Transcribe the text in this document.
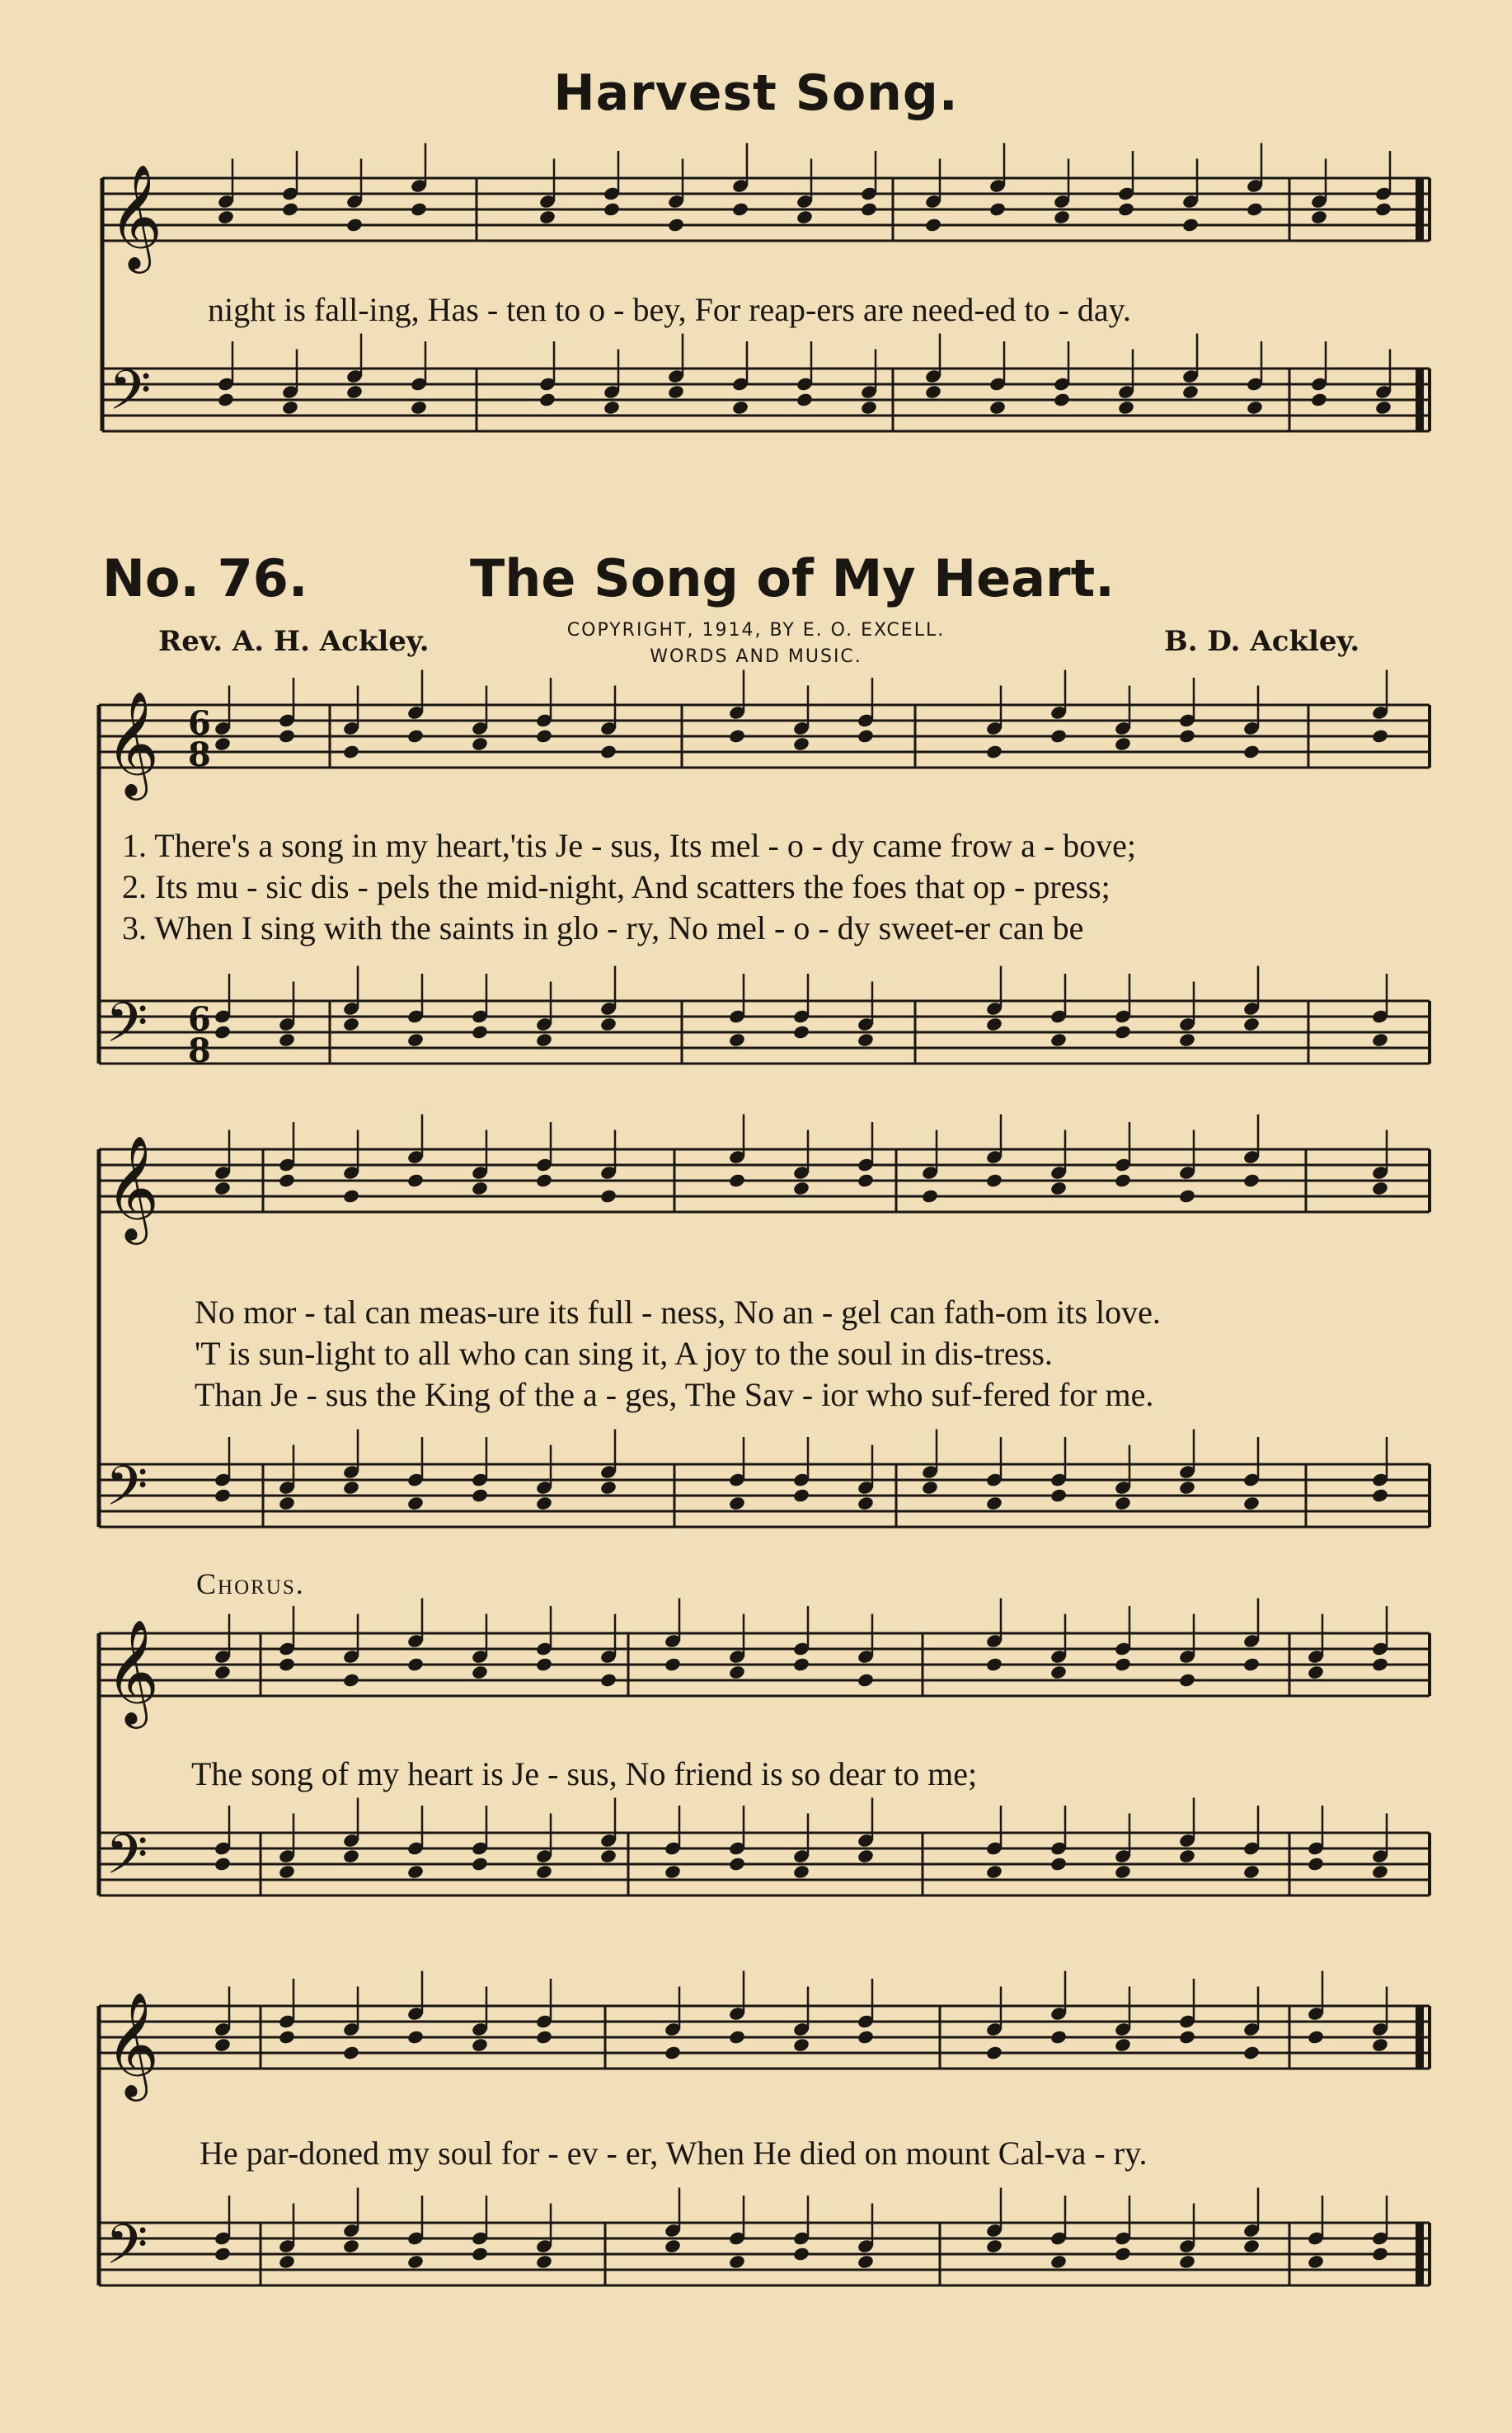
𝄞
𝄢
𝄞
𝄢
𝄞
𝄢
𝄞
𝄢
𝄞
𝄢
6
8
6
8
Harvest Song.
night is fall-ing, Has - ten to o - bey, For reap-ers are need-ed to - day.
No. 76.	The Song of My Heart.
Rev. A. H. Ackley.	COPYRIGHT, 1914, BY E. O. EXCELL.
WORDS AND MUSIC.	B. D. Ackley.
1. There's a song in my heart,'tis Je - sus, Its mel - o - dy came frow a - bove;
2. Its mu - sic dis - pels the mid-night, And scatters the foes that op - press;
3. When I sing with the saints in glo - ry, No mel - o - dy sweet-er can be
No mor - tal can meas-ure its full - ness, No an - gel can fath-om its love.
'T is sun-light to all who can sing it, A joy to the soul in dis-tress.
Than Je - sus the King of the a - ges, The Sav - ior who suf-fered for me.
Chorus.
The song of my heart is Je - sus, No friend is so dear to me;
He par-doned my soul for - ev - er, When He died on mount Cal-va - ry.
